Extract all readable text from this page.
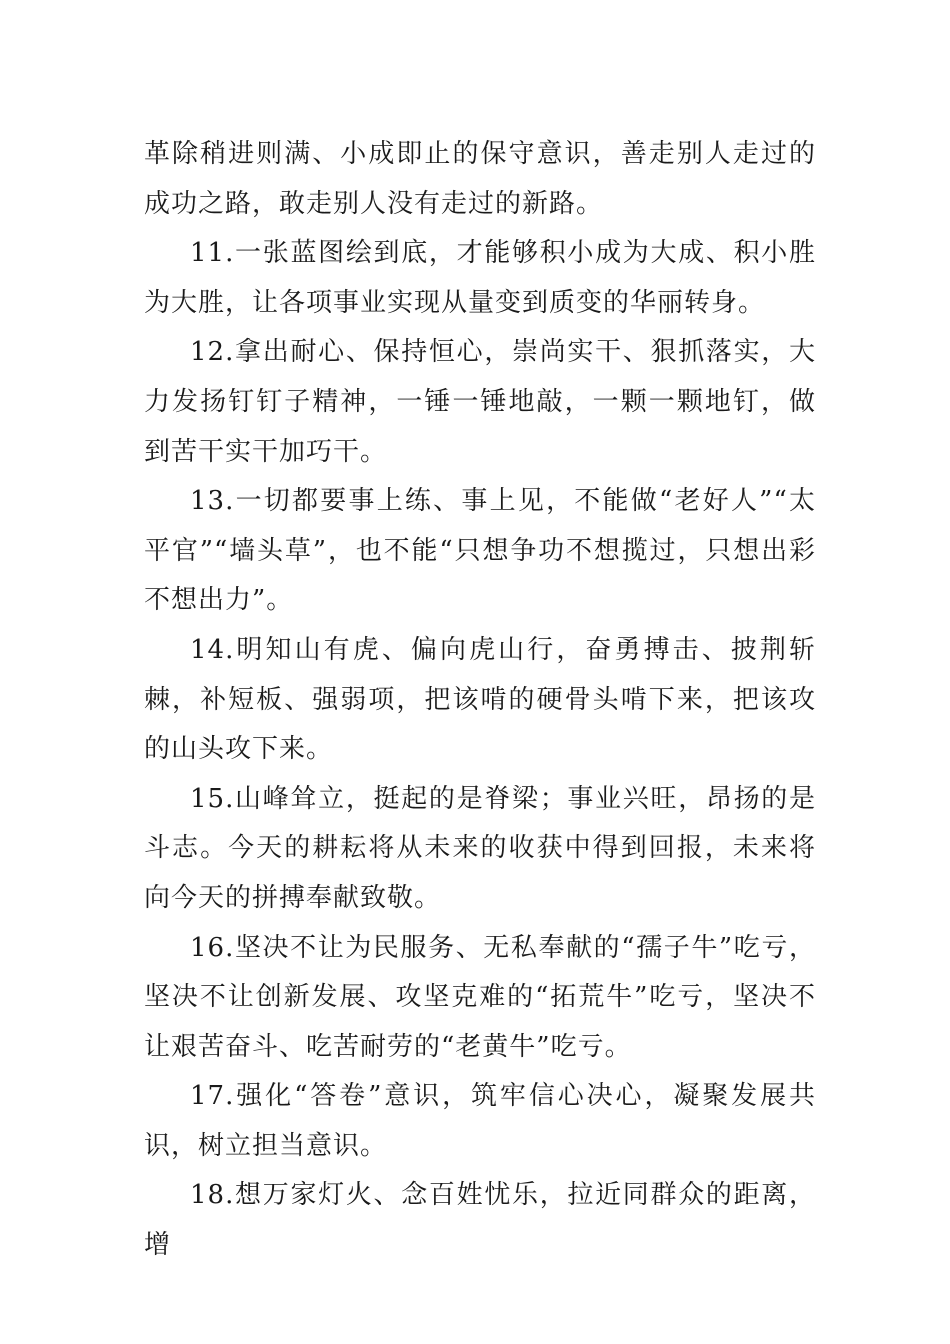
革除稍进则满、小成即止的保守意识，善走别人走过的成功之路，敢走别人没有走过的新路。

11.一张蓝图绘到底，才能够积小成为大成、积小胜为大胜，让各项事业实现从量变到质变的华丽转身。

12.拿出耐心、保持恒心，崇尚实干、狠抓落实，大力发扬钉钉子精神，一锤一锤地敲，一颗一颗地钉，做到苦干实干加巧干。

13.一切都要事上练、事上见，不能做“老好人”“太平官”“墙头草”，也不能“只想争功不想揽过，只想出彩不想出力”。

14.明知山有虎、偏向虎山行，奋勇搏击、披荆斩棘，补短板、强弱项，把该啃的硬骨头啃下来，把该攻的山头攻下来。

15.山峰耸立，挺起的是脊梁；事业兴旺，昂扬的是斗志。今天的耕耘将从未来的收获中得到回报，未来将向今天的拼搏奉献致敬。

16.坚决不让为民服务、无私奉献的“孺子牛”吃亏，坚决不让创新发展、攻坚克难的“拓荒牛”吃亏，坚决不让艰苦奋斗、吃苦耐劳的“老黄牛”吃亏。

17.强化“答卷”意识，筑牢信心决心，凝聚发展共识，树立担当意识。

18.想万家灯火、念百姓忧乐，拉近同群众的距离，增
